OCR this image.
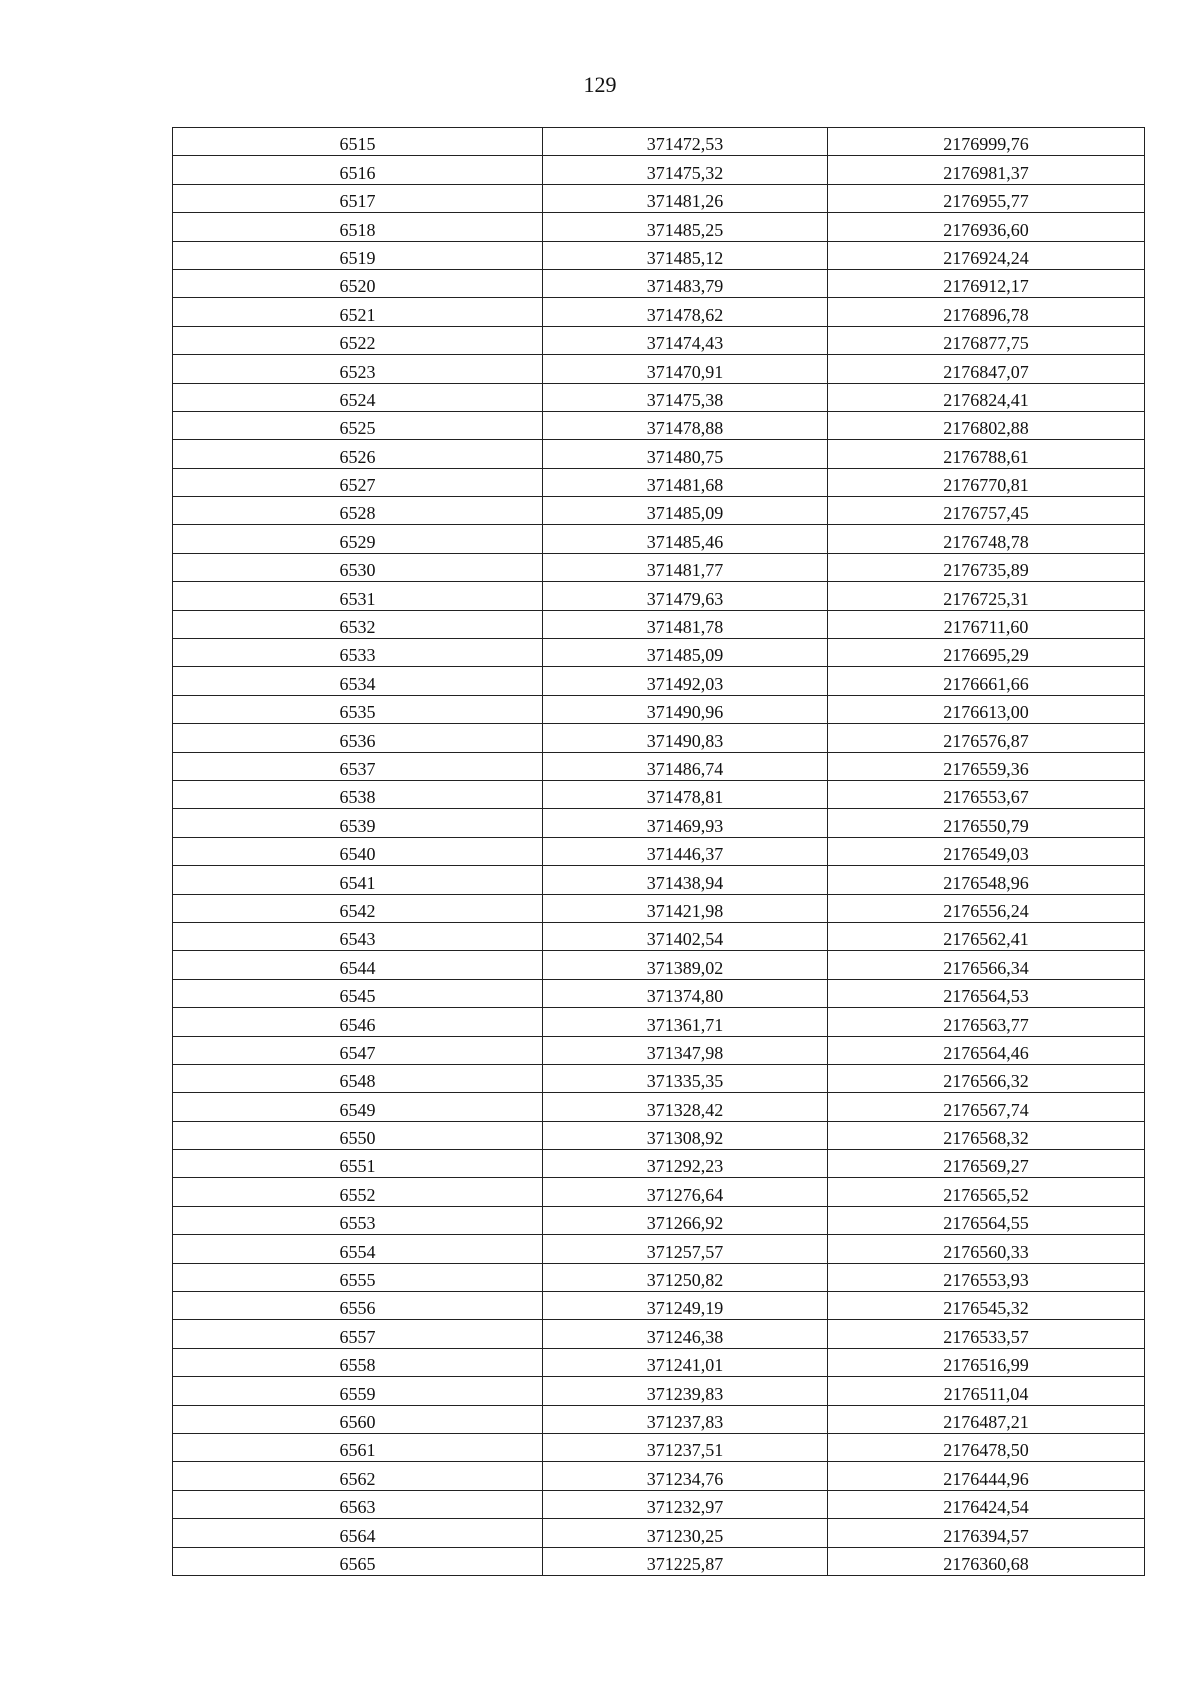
129
6515	371472,53	2176999,76
6516	371475,32	2176981,37
6517	371481,26	2176955,77
6518	371485,25	2176936,60
6519	371485,12	2176924,24
6520	371483,79	2176912,17
6521	371478,62	2176896,78
6522	371474,43	2176877,75
6523	371470,91	2176847,07
6524	371475,38	2176824,41
6525	371478,88	2176802,88
6526	371480,75	2176788,61
6527	371481,68	2176770,81
6528	371485,09	2176757,45
6529	371485,46	2176748,78
6530	371481,77	2176735,89
6531	371479,63	2176725,31
6532	371481,78	2176711,60
6533	371485,09	2176695,29
6534	371492,03	2176661,66
6535	371490,96	2176613,00
6536	371490,83	2176576,87
6537	371486,74	2176559,36
6538	371478,81	2176553,67
6539	371469,93	2176550,79
6540	371446,37	2176549,03
6541	371438,94	2176548,96
6542	371421,98	2176556,24
6543	371402,54	2176562,41
6544	371389,02	2176566,34
6545	371374,80	2176564,53
6546	371361,71	2176563,77
6547	371347,98	2176564,46
6548	371335,35	2176566,32
6549	371328,42	2176567,74
6550	371308,92	2176568,32
6551	371292,23	2176569,27
6552	371276,64	2176565,52
6553	371266,92	2176564,55
6554	371257,57	2176560,33
6555	371250,82	2176553,93
6556	371249,19	2176545,32
6557	371246,38	2176533,57
6558	371241,01	2176516,99
6559	371239,83	2176511,04
6560	371237,83	2176487,21
6561	371237,51	2176478,50
6562	371234,76	2176444,96
6563	371232,97	2176424,54
6564	371230,25	2176394,57
6565	371225,87	2176360,68
